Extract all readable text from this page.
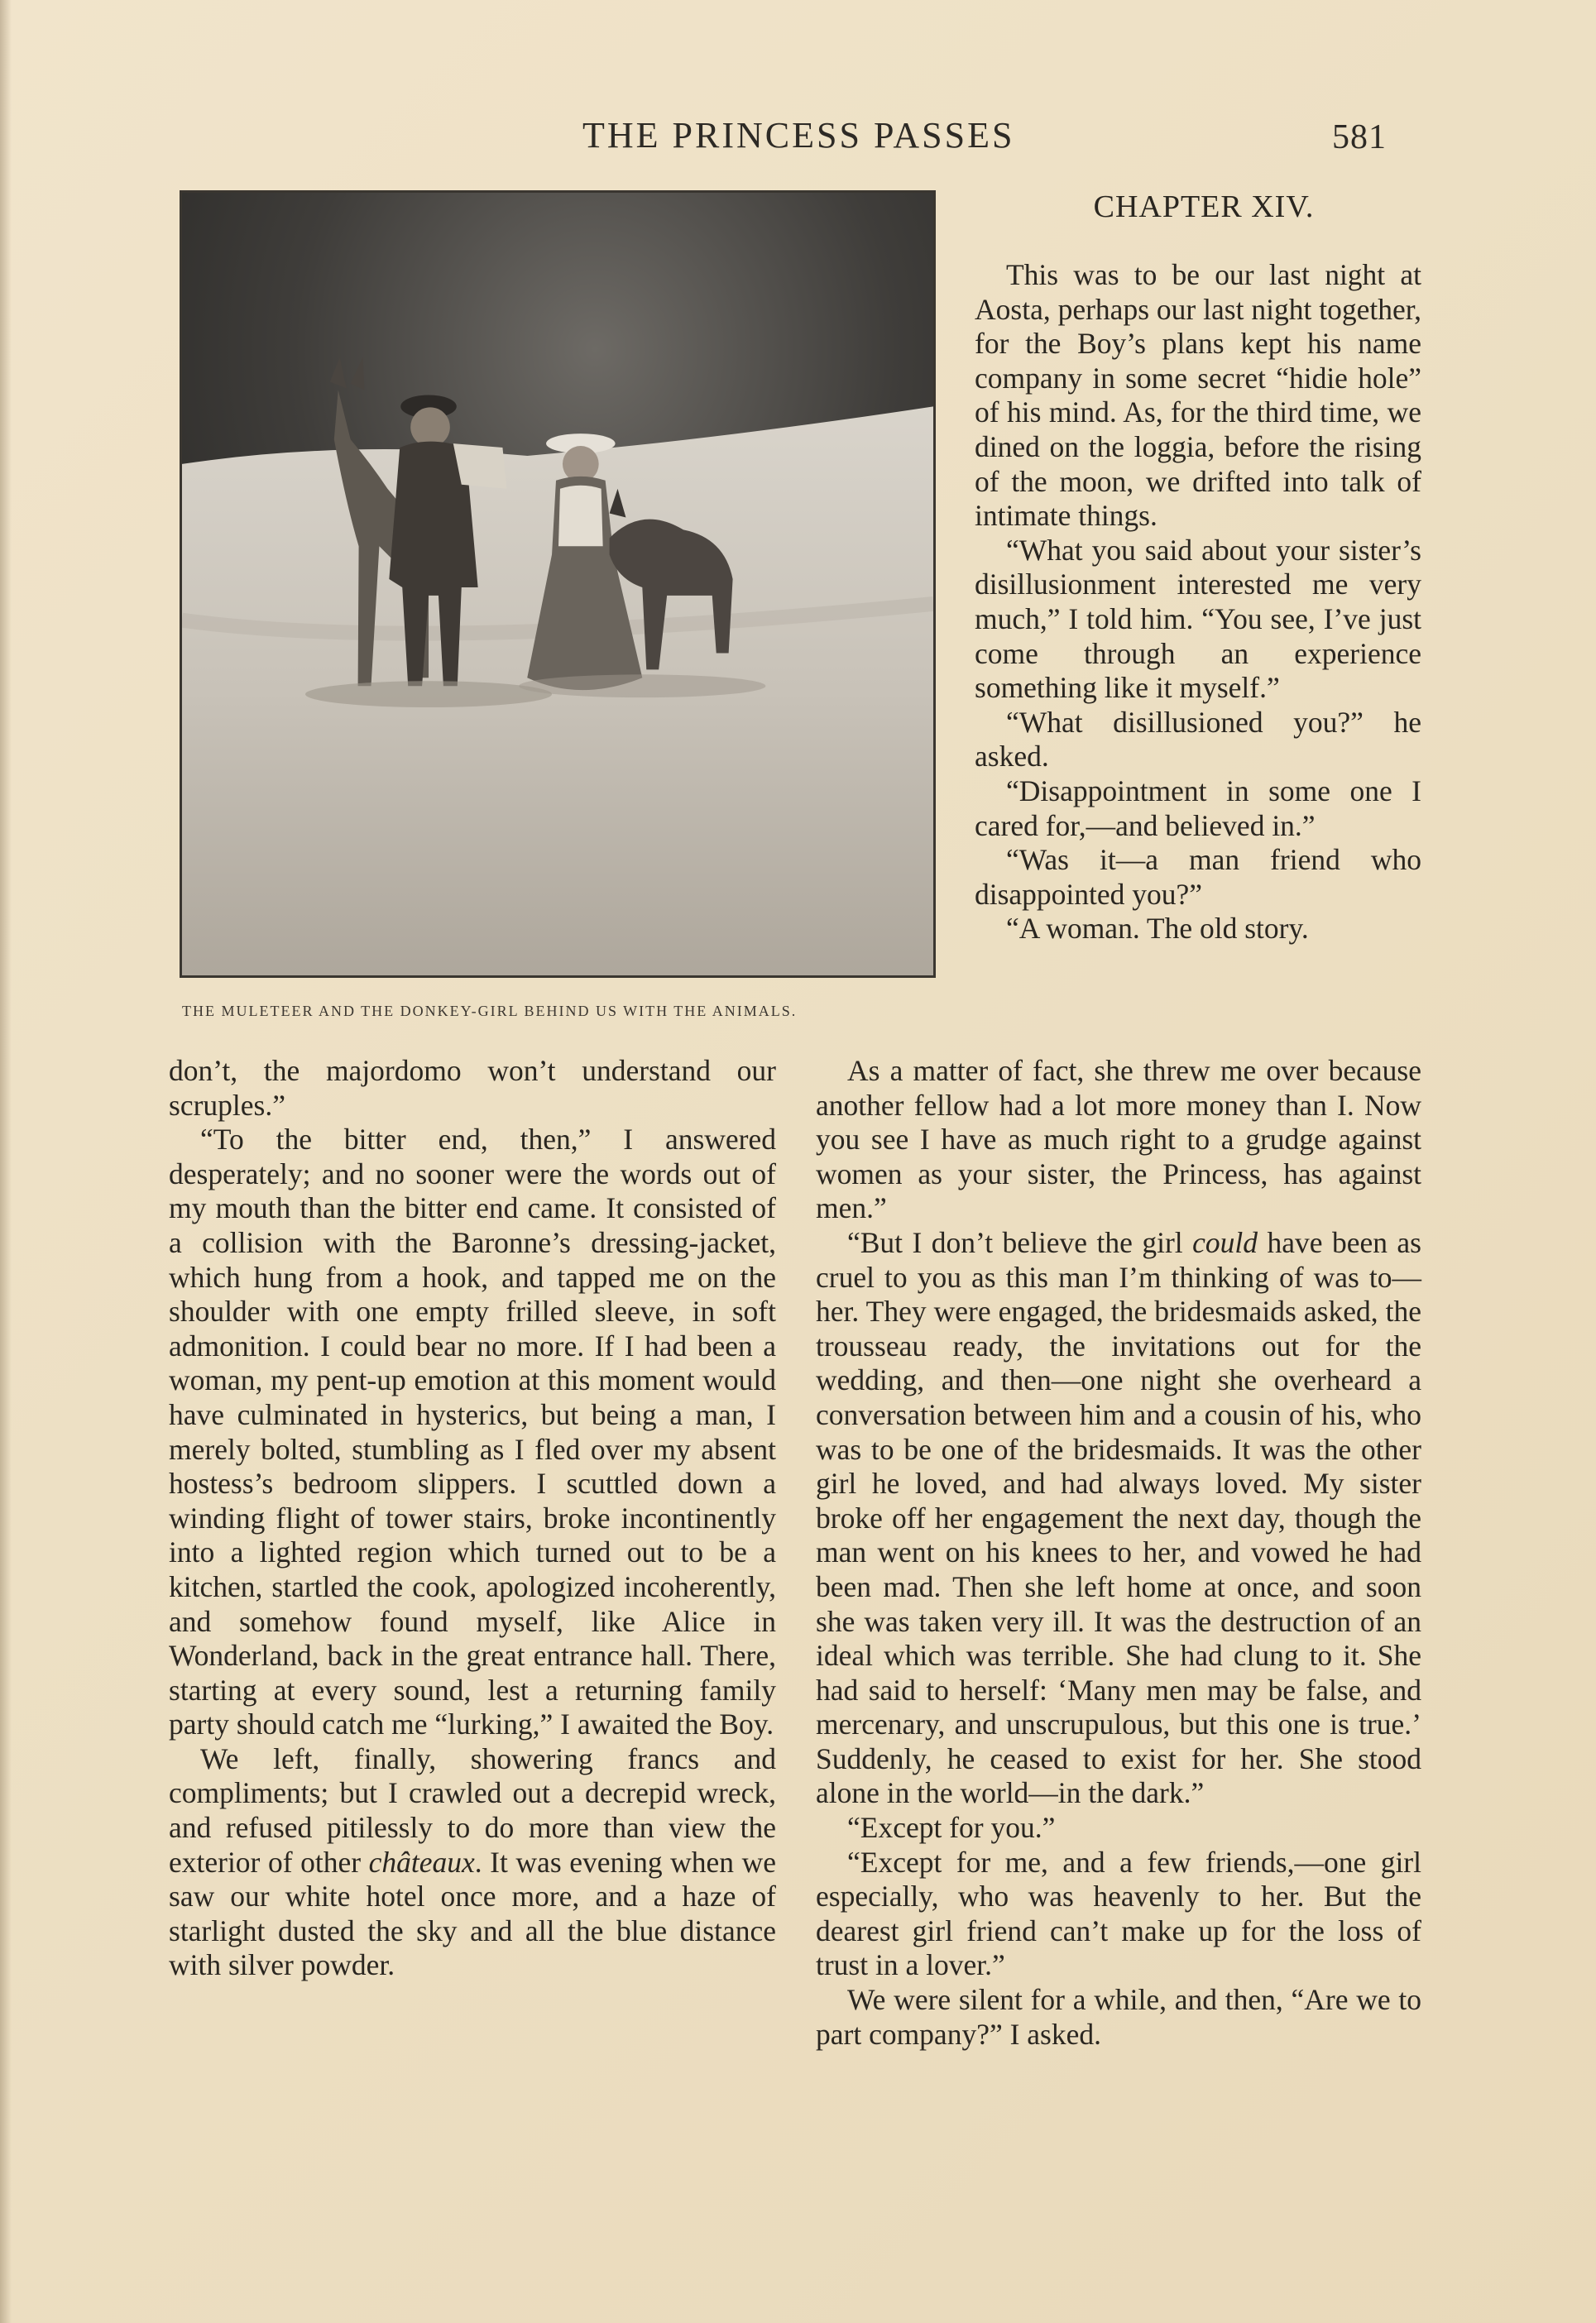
THE PRINCESS PASSES	581
THE MULETEER AND THE DONKEY-GIRL BEHIND US WITH THE ANIMALS.
CHAPTER XIV.

This was to be our last night at Aosta, perhaps our last night together, for the Boy’s plans kept his name company in some secret “hidie hole” of his mind. As, for the third time, we dined on the loggia, before the rising of the moon, we drifted into talk of intimate things.

“What you said about your sister’s disillusionment interested me very much,” I told him. “You see, I’ve just come through an experience something like it myself.”

“What disillusioned you?” he asked.

“Disappointment in some one I cared for,—and believed in.”

“Was it—a man friend who disappointed you?”

“A woman. The old story.

don’t, the majordomo won’t understand our scruples.”

“To the bitter end, then,” I answered desperately; and no sooner were the words out of my mouth than the bitter end came. It consisted of a collision with the Baronne’s dressing-jacket, which hung from a hook, and tapped me on the shoulder with one empty frilled sleeve, in soft admonition. I could bear no more. If I had been a woman, my pent-up emotion at this moment would have culminated in hysterics, but being a man, I merely bolted, stumbling as I fled over my absent hostess’s bedroom slippers. I scuttled down a winding flight of tower stairs, broke incontinently into a lighted region which turned out to be a kitchen, startled the cook, apologized incoherently, and somehow found myself, like Alice in Wonderland, back in the great entrance hall. There, starting at every sound, lest a returning family party should catch me “lurking,” I awaited the Boy.

We left, finally, showering francs and compliments; but I crawled out a decrepid wreck, and refused pitilessly to do more than view the exterior of other châteaux. It was evening when we saw our white hotel once more, and a haze of starlight dusted the sky and all the blue distance with silver powder.

As a matter of fact, she threw me over because another fellow had a lot more money than I. Now you see I have as much right to a grudge against women as your sister, the Princess, has against men.”

“But I don’t believe the girl could have been as cruel to you as this man I’m thinking of was to—her. They were engaged, the bridesmaids asked, the trousseau ready, the invitations out for the wedding, and then—one night she overheard a conversation between him and a cousin of his, who was to be one of the bridesmaids. It was the other girl he loved, and had always loved. My sister broke off her engagement the next day, though the man went on his knees to her, and vowed he had been mad. Then she left home at once, and soon she was taken very ill. It was the destruction of an ideal which was terrible. She had clung to it. She had said to herself: ‘Many men may be false, and mercenary, and unscrupulous, but this one is true.’ Suddenly, he ceased to exist for her. She stood alone in the world—in the dark.”

“Except for you.”

“Except for me, and a few friends,—one girl especially, who was heavenly to her. But the dearest girl friend can’t make up for the loss of trust in a lover.”

We were silent for a while, and then, “Are we to part company?” I asked.
